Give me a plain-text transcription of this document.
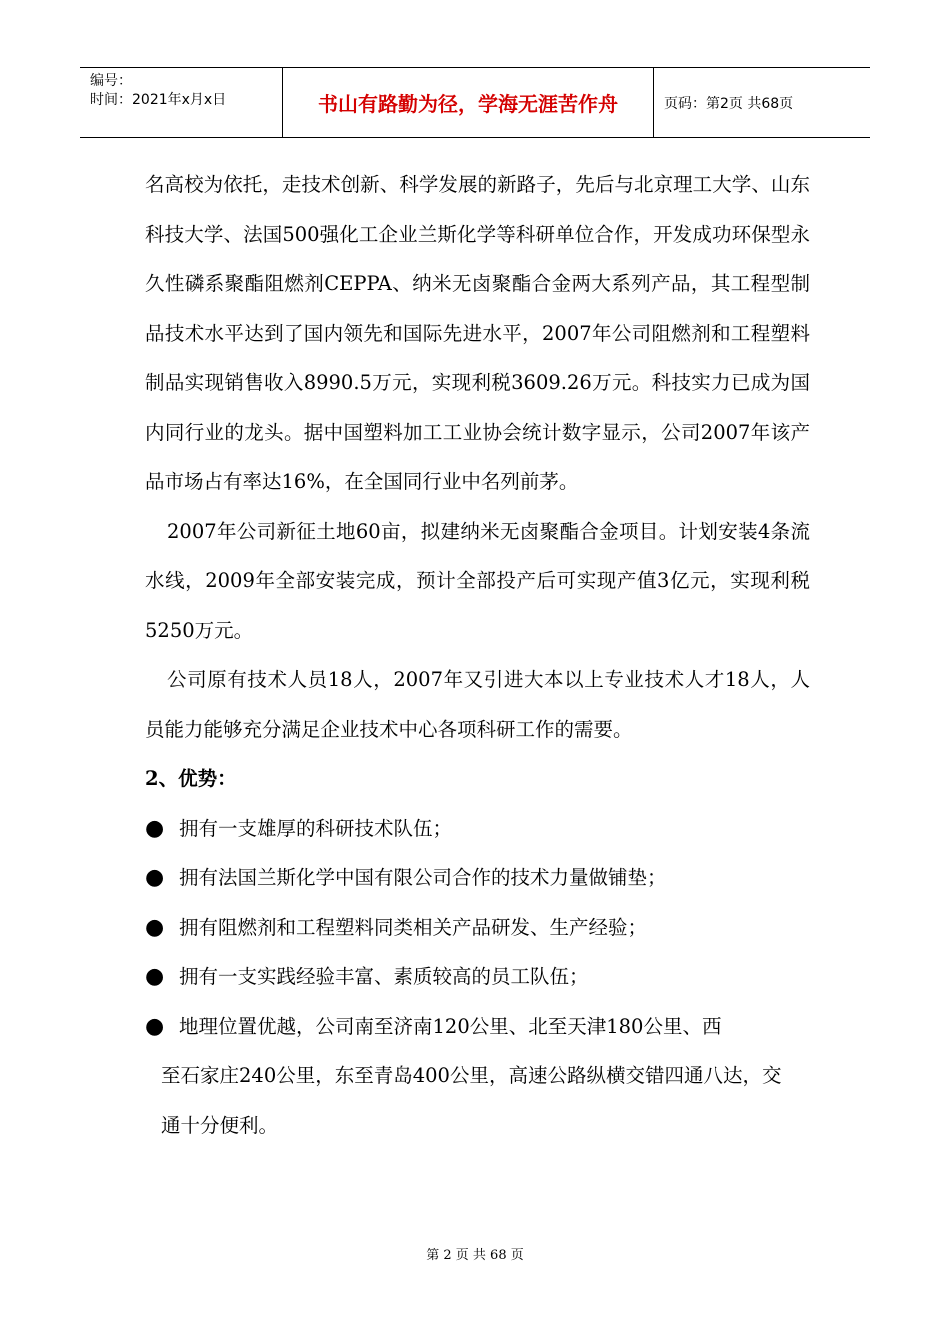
编号：
时间：2021年x月x日	书山有路勤为径，学海无涯苦作舟	页码：第2页 共68页

名高校为依托，走技术创新、科学发展的新路子，先后与北京理工大学、山东科技大学、法国500强化工企业兰斯化学等科研单位合作，开发成功环保型永久性磷系聚酯阻燃剂CEPPA、纳米无卤聚酯合金两大系列产品，其工程型制品技术水平达到了国内领先和国际先进水平，2007年公司阻燃剂和工程塑料制品实现销售收入8990.5万元，实现利税3609.26万元。科技实力已成为国内同行业的龙头。据中国塑料加工工业协会统计数字显示，公司2007年该产品市场占有率达16%，在全国同行业中名列前茅。

2007年公司新征土地60亩，拟建纳米无卤聚酯合金项目。计划安装4条流水线，2009年全部安装完成，预计全部投产后可实现产值3亿元，实现利税5250万元。

公司原有技术人员18人，2007年又引进大本以上专业技术人才18人，人员能力能够充分满足企业技术中心各项科研工作的需要。

2、优势：

● 拥有一支雄厚的科研技术队伍；
● 拥有法国兰斯化学中国有限公司合作的技术力量做铺垫；
● 拥有阻燃剂和工程塑料同类相关产品研发、生产经验；
● 拥有一支实践经验丰富、素质较高的员工队伍；
● 地理位置优越，公司南至济南120公里、北至天津180公里、西

至石家庄240公里，东至青岛400公里，高速公路纵横交错四通八达，交通十分便利。

第 2 页 共 68 页
